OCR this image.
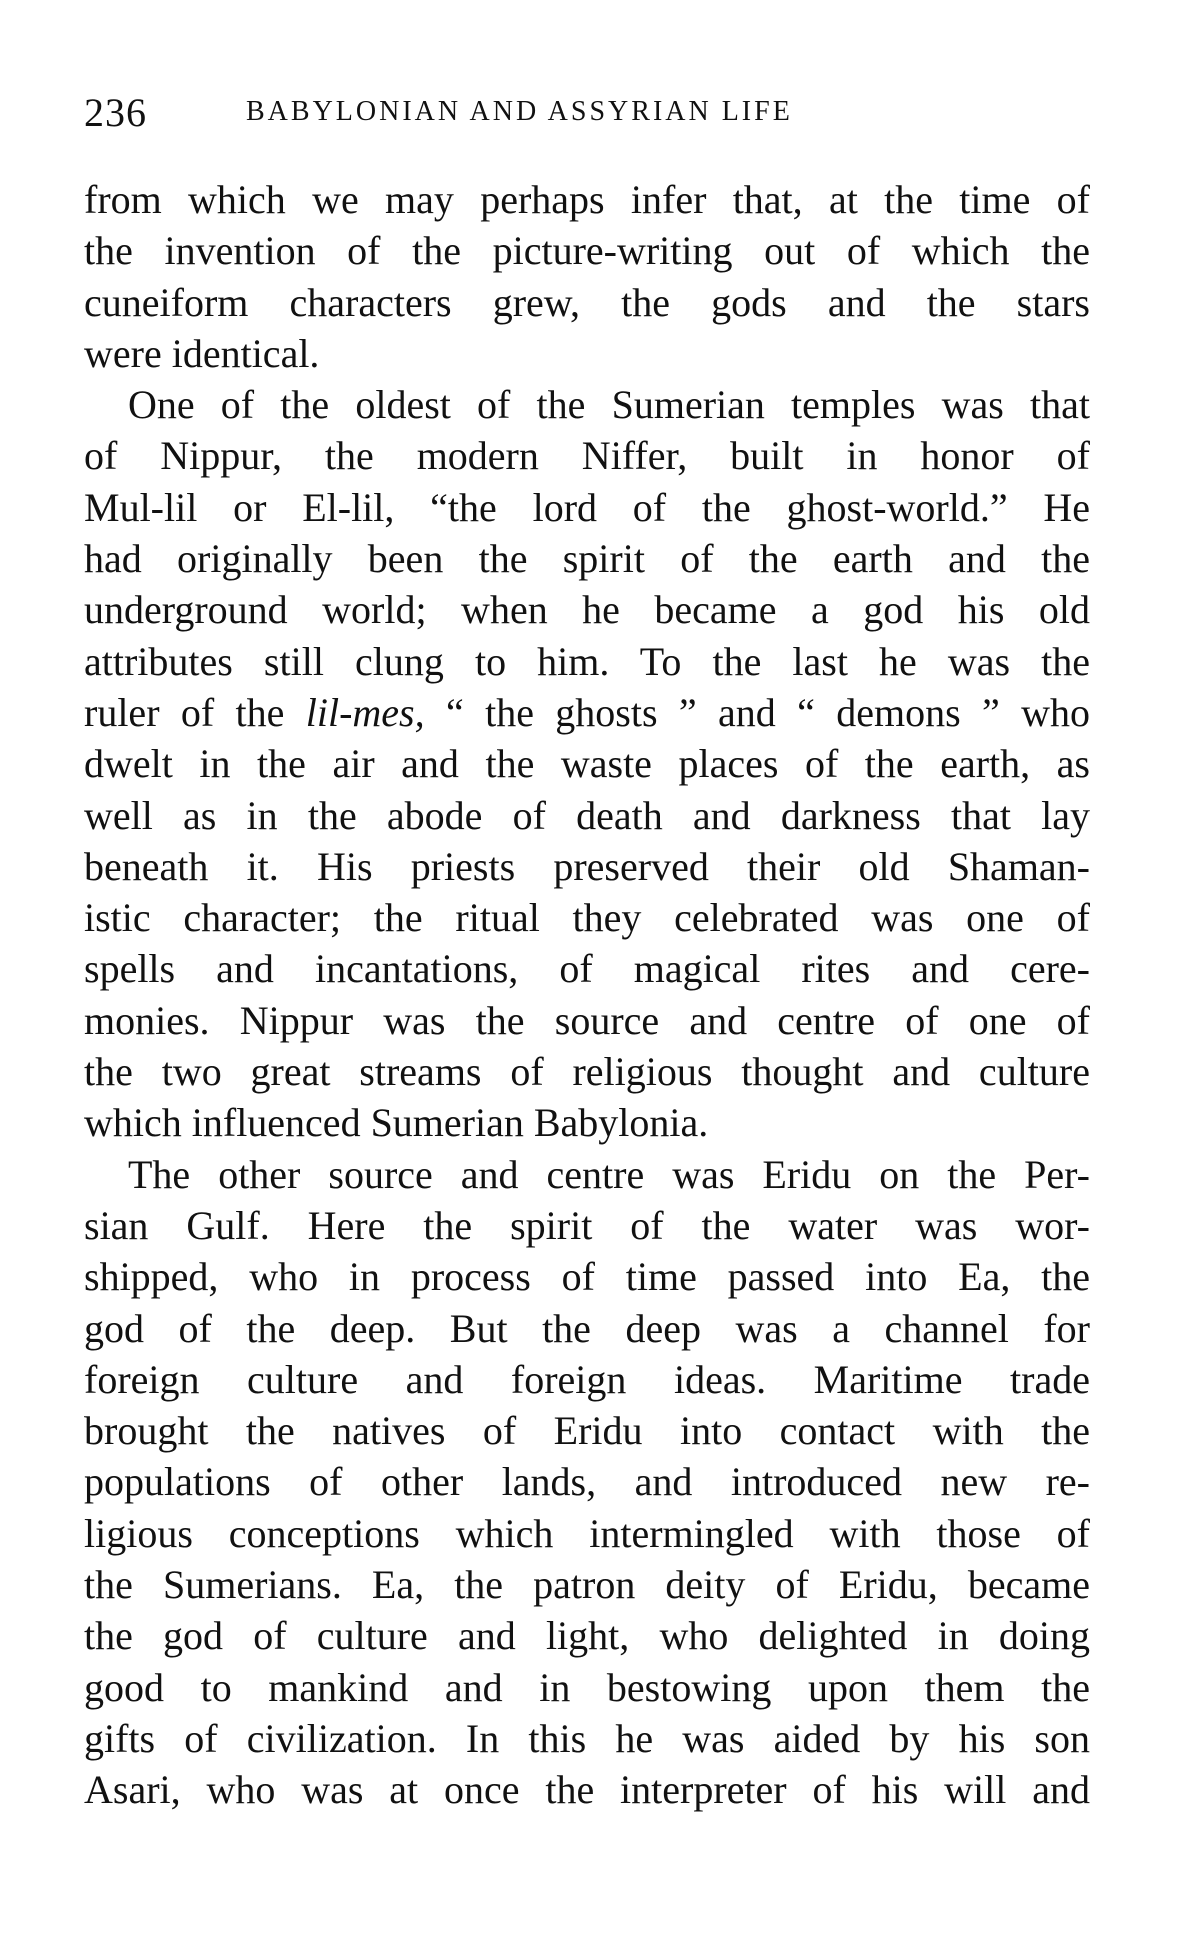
236	BABYLONIAN AND ASSYRIAN LIFE
from which we may perhaps infer that, at the time of
the invention of the picture-writing out of which the
cuneiform characters grew, the gods and the stars
were identical.
One of the oldest of the Sumerian temples was that
of Nippur, the modern Niffer, built in honor of
Mul-lil or El-lil, “the lord of the ghost-world.” He
had originally been the spirit of the earth and the
underground world; when he became a god his old
attributes still clung to him. To the last he was the
ruler of the lil-mes, “ the ghosts ” and “ demons ” who
dwelt in the air and the waste places of the earth, as
well as in the abode of death and darkness that lay
beneath it. His priests preserved their old Shaman-
istic character; the ritual they celebrated was one of
spells and incantations, of magical rites and cere-
monies. Nippur was the source and centre of one of
the two great streams of religious thought and culture
which influenced Sumerian Babylonia.
The other source and centre was Eridu on the Per-
sian Gulf. Here the spirit of the water was wor-
shipped, who in process of time passed into Ea, the
god of the deep. But the deep was a channel for
foreign culture and foreign ideas. Maritime trade
brought the natives of Eridu into contact with the
populations of other lands, and introduced new re-
ligious conceptions which intermingled with those of
the Sumerians. Ea, the patron deity of Eridu, became
the god of culture and light, who delighted in doing
good to mankind and in bestowing upon them the
gifts of civilization. In this he was aided by his son
Asari, who was at once the interpreter of his will and
